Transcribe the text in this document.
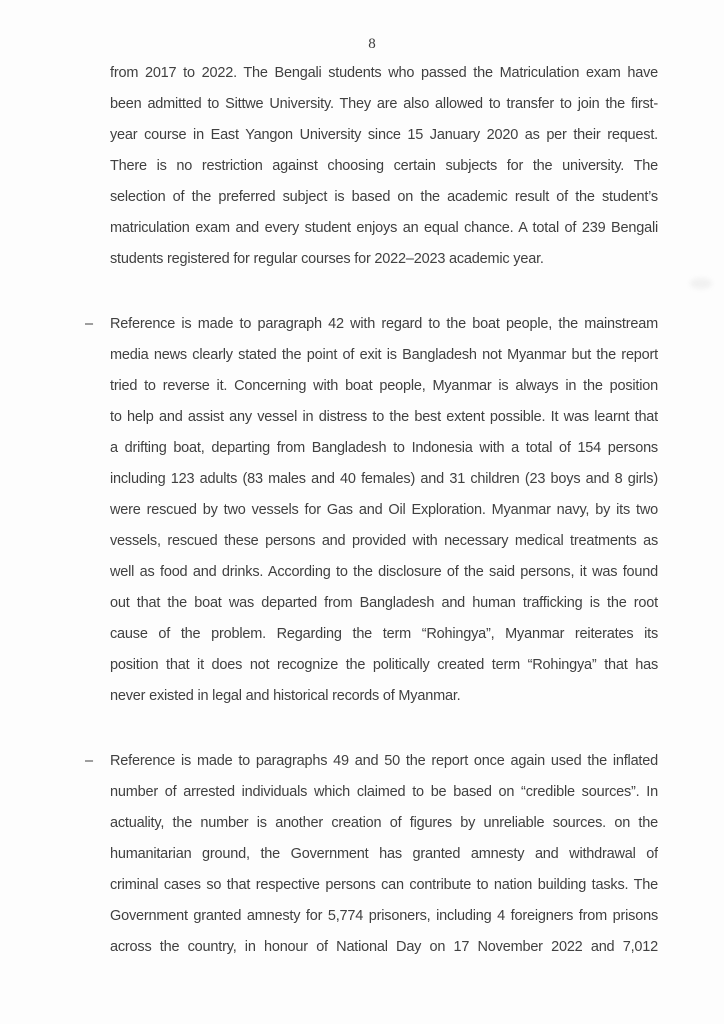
8
from 2017 to 2022. The Bengali students who passed the Matriculation exam have
been admitted to Sittwe University. They are also allowed to transfer to join the first-
year course in East Yangon University since 15 January 2020 as per their request.
There is no restriction against choosing certain subjects for the university. The
selection of the preferred subject is based on the academic result of the student’s
matriculation exam and every student enjoys an equal chance. A total of 239 Bengali
students registered for regular courses for 2022–2023 academic year.
– Reference is made to paragraph 42 with regard to the boat people, the mainstream
media news clearly stated the point of exit is Bangladesh not Myanmar but the report
tried to reverse it. Concerning with boat people, Myanmar is always in the position
to help and assist any vessel in distress to the best extent possible. It was learnt that
a drifting boat, departing from Bangladesh to Indonesia with a total of 154 persons
including 123 adults (83 males and 40 females) and 31 children (23 boys and 8 girls)
were rescued by two vessels for Gas and Oil Exploration. Myanmar navy, by its two
vessels, rescued these persons and provided with necessary medical treatments as
well as food and drinks. According to the disclosure of the said persons, it was found
out that the boat was departed from Bangladesh and human trafficking is the root
cause of the problem. Regarding the term “Rohingya”, Myanmar reiterates its
position that it does not recognize the politically created term “Rohingya” that has
never existed in legal and historical records of Myanmar.
– Reference is made to paragraphs 49 and 50 the report once again used the inflated
number of arrested individuals which claimed to be based on “credible sources”. In
actuality, the number is another creation of figures by unreliable sources. on the
humanitarian ground, the Government has granted amnesty and withdrawal of
criminal cases so that respective persons can contribute to nation building tasks. The
Government granted amnesty for 5,774 prisoners, including 4 foreigners from prisons
across the country, in honour of National Day on 17 November 2022 and 7,012
